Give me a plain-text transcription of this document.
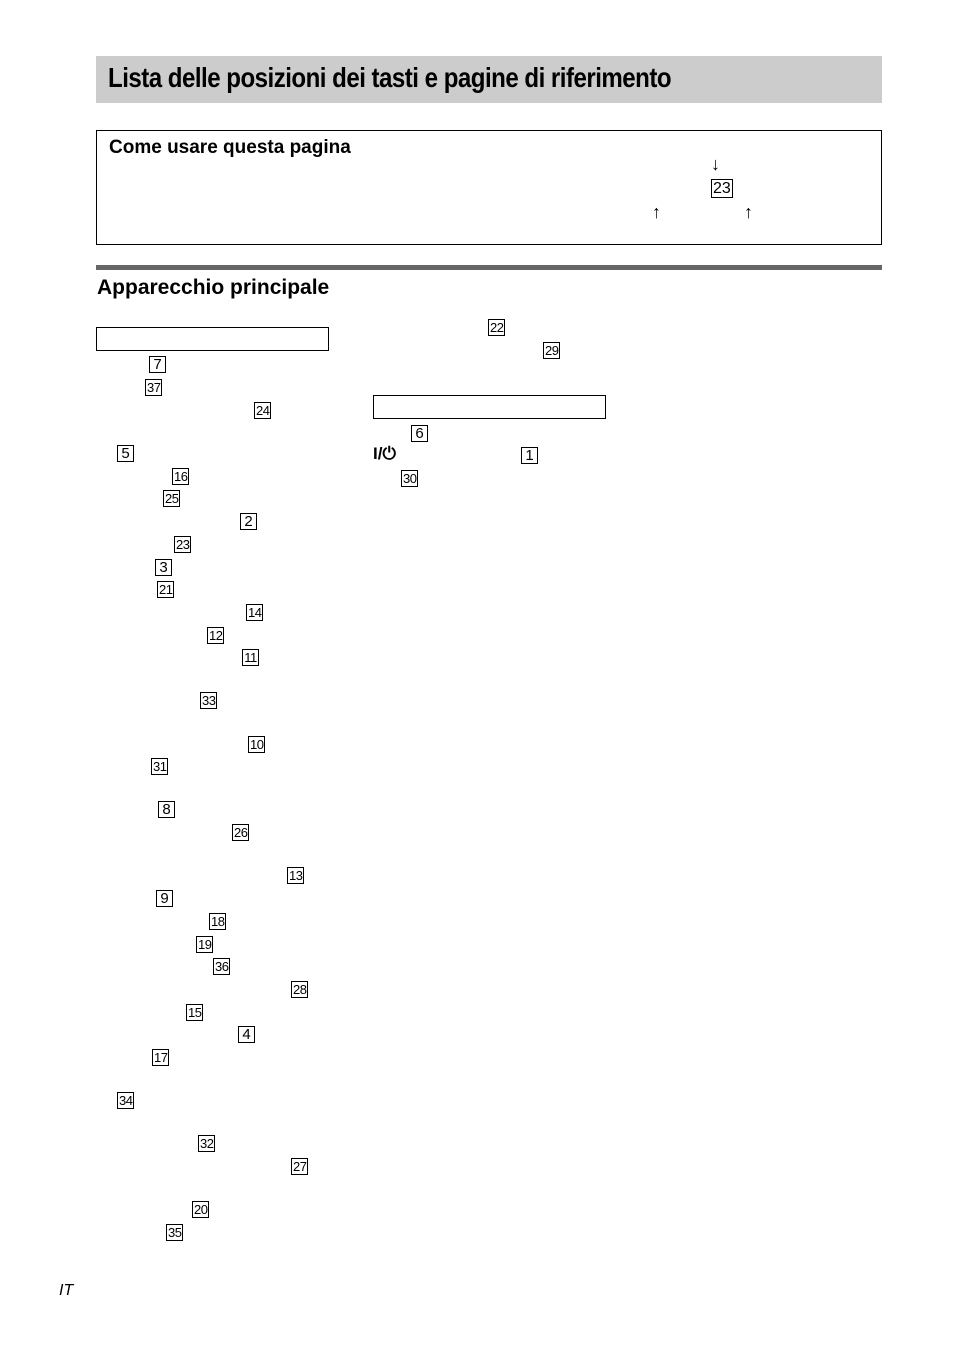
Lista delle posizioni dei tasti e pagine di riferimento
Come usare questa pagina
↓
23
↑	↑
Apparecchio principale
7
37
24
5
16
25
2
23
3
21
14
12
11
33
10
31
8
26
13
9
18
19
36
28
15
4
17
34
32
27
20
35
22
29
6
I/⏻	1
30
IT
